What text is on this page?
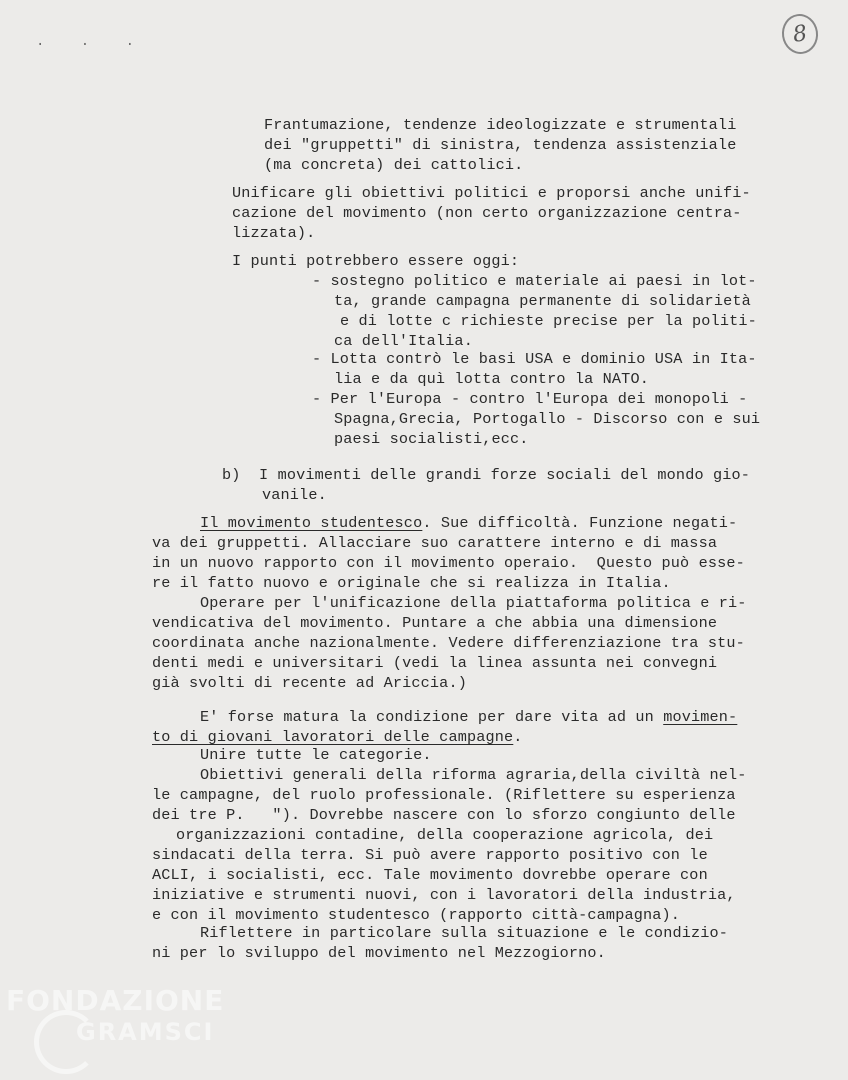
. . .	8
Frantumazione, tendenze ideologizzate e strumentali
dei "gruppetti" di sinistra, tendenza assistenziale
(ma concreta) dei cattolici.
Unificare gli obiettivi politici e proporsi anche unifi-
cazione del movimento (non certo organizzazione centra-
lizzata).
I punti potrebbero essere oggi:
- sostegno politico e materiale ai paesi in lot-
ta, grande campagna permanente di solidarietà
e di lotte c richieste precise per la politi-
ca dell'Italia.
- Lotta contrò le basi USA e dominio USA in Ita-
lia e da quì lotta contro la NATO.
- Per l'Europa - contro l'Europa dei monopoli -
Spagna,Grecia, Portogallo - Discorso con e sui
paesi socialisti,ecc.
b)  I movimenti delle grandi forze sociali del mondo gio-
vanile.
Il movimento studentesco. Sue difficoltà. Funzione negati-
va dei gruppetti. Allacciare suo carattere interno e di massa
in un nuovo rapporto con il movimento operaio.  Questo può esse-
re il fatto nuovo e originale che si realizza in Italia.
Operare per l'unificazione della piattaforma politica e ri-
vendicativa del movimento. Puntare a che abbia una dimensione
coordinata anche nazionalmente. Vedere differenziazione tra stu-
denti medi e universitari (vedi la linea assunta nei convegni
già svolti di recente ad Ariccia.)
E' forse matura la condizione per dare vita ad un movimen-
to di giovani lavoratori delle campagne.
Unire tutte le categorie.
Obiettivi generali della riforma agraria,della civiltà nel-
le campagne, del ruolo professionale. (Riflettere su esperienza
dei tre P.   "). Dovrebbe nascere con lo sforzo congiunto delle
organizzazioni contadine, della cooperazione agricola, dei
sindacati della terra. Si può avere rapporto positivo con le
ACLI, i socialisti, ecc. Tale movimento dovrebbe operare con
iniziative e strumenti nuovi, con i lavoratori della industria,
e con il movimento studentesco (rapporto città-campagna).
Riflettere in particolare sulla situazione e le condizio-
ni per lo sviluppo del movimento nel Mezzogiorno.
FONDAZIONE
GRAMSCI
